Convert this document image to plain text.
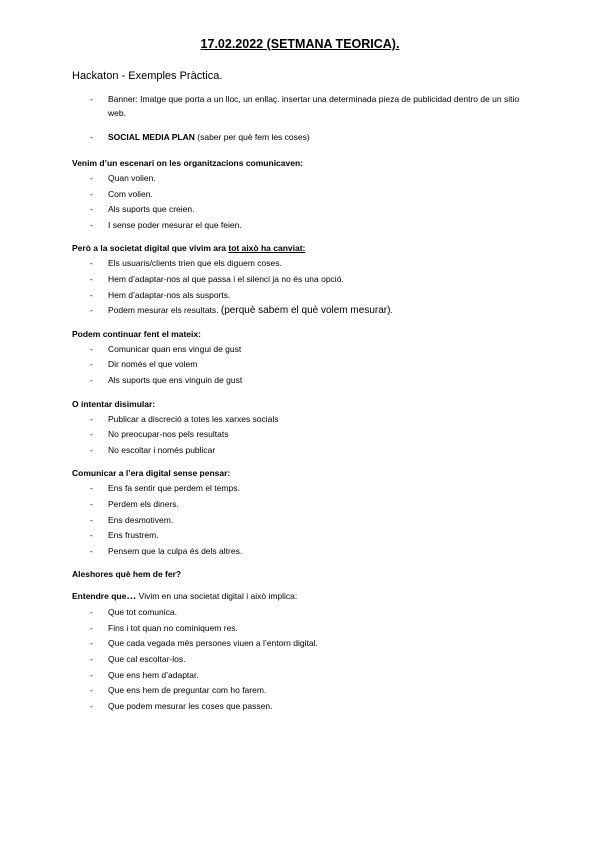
17.02.2022 (SETMANA TEORICA).
Hackaton - Exemples Pràctica.
- Banner: Imatge que porta a un lloc, un enllaç. insertar una determinada pieza de publicidad dentro de un sitio web.
- SOCIAL MEDIA PLAN (saber per què fem les coses)
Venim d’un escenari on les organitzacions comunicaven:
- Quan volien.
- Com volien.
- Als suports que creien.
- I sense poder mesurar el que feien.
Però a la societat digital que vivim ara tot això ha canviat:
- Els usuaris/clients trien que els diguem coses.
- Hem d’adaptar-nos al que passa i el silenci ja no és una opció.
- Hem d’adaptar-nos als susports.
- Podem mesurar els resultats. (perquè sabem el què volem mesurar).
Podem continuar fent el mateix:
- Comunicar quan ens vingui de gust
- Dir només el que volem
- Als suports que ens vinguin de gust
O intentar disimular:
- Publicar a discreció a totes les xarxes socials
- No preocupar-nos pels resultats
- No escoltar i només publicar
Comunicar a l’era digital sense pensar:
- Ens fa sentir que perdem el temps.
- Perdem els diners.
- Ens desmotivem.
- Ens frustrem.
- Pensem que la culpa és dels altres.
Aleshores què hem de fer?
Entendre que… Vivim en una societat digital i això implica:
- Que tot comunica.
- Fins i tot quan no cominiquem res.
- Que cada vegada més persones viuen a l’entorn digital.
- Que cal escoltar-los.
- Que ens hem d’adaptar.
- Que ens hem de preguntar com ho farem.
- Que podem mesurar les coses que passen.
